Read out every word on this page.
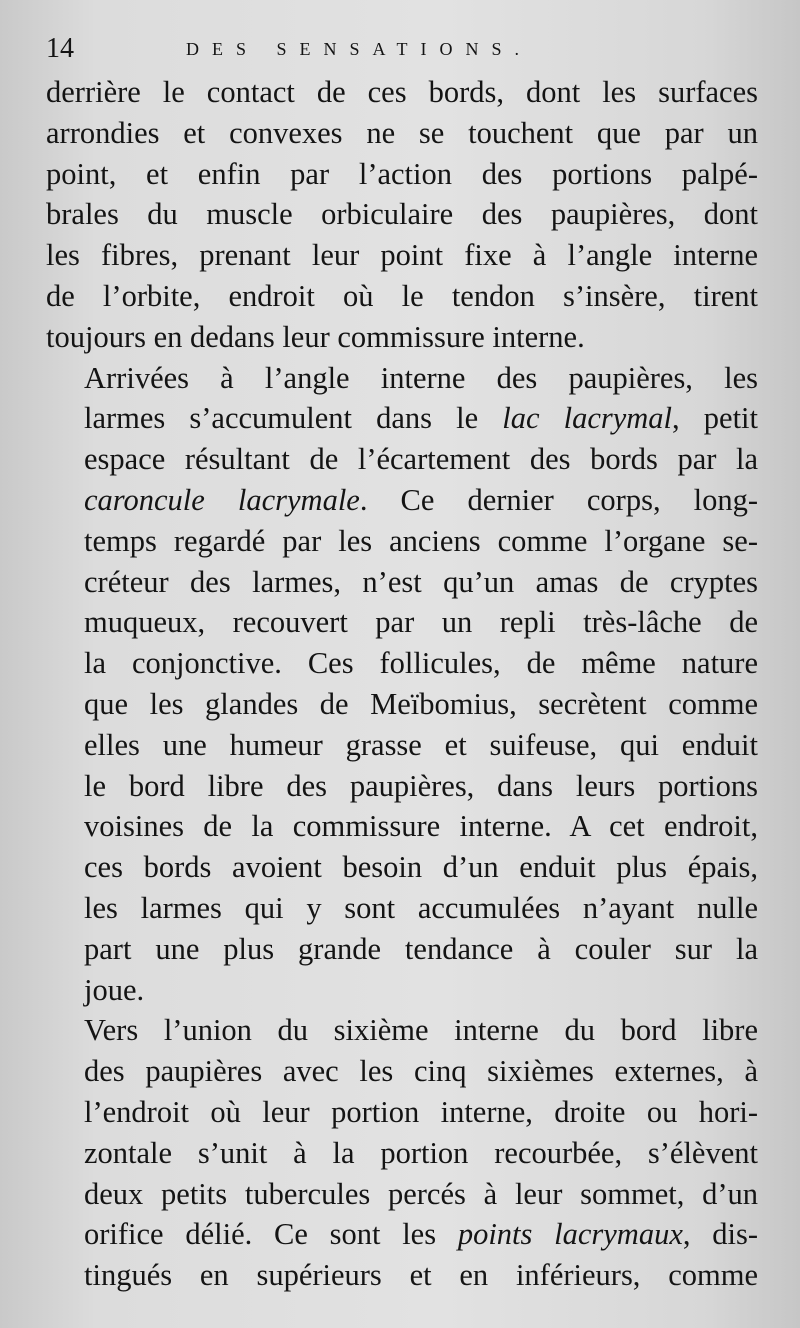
14	DES SENSATIONS.

derrière le contact de ces bords, dont les surfaces
arrondies et convexes ne se touchent que par un
point, et enfin par l’action des portions palpé-
brales du muscle orbiculaire des paupières, dont
les fibres, prenant leur point fixe à l’angle interne
de l’orbite, endroit où le tendon s’insère, tirent
toujours en dedans leur commissure interne.

Arrivées à l’angle interne des paupières, les
larmes s’accumulent dans le lac lacrymal, petit
espace résultant de l’écartement des bords par la
caroncule lacrymale. Ce dernier corps, long-
temps regardé par les anciens comme l’organe se-
créteur des larmes, n’est qu’un amas de cryptes
muqueux, recouvert par un repli très-lâche de
la conjonctive. Ces follicules, de même nature
que les glandes de Meïbomius, secrètent comme
elles une humeur grasse et suifeuse, qui enduit
le bord libre des paupières, dans leurs portions
voisines de la commissure interne. A cet endroit,
ces bords avoient besoin d’un enduit plus épais,
les larmes qui y sont accumulées n’ayant nulle
part une plus grande tendance à couler sur la
joue.

Vers l’union du sixième interne du bord libre
des paupières avec les cinq sixièmes externes, à
l’endroit où leur portion interne, droite ou hori-
zontale s’unit à la portion recourbée, s’élèvent
deux petits tubercules percés à leur sommet, d’un
orifice délié. Ce sont les points lacrymaux, dis-
tingués en supérieurs et en inférieurs, comme
